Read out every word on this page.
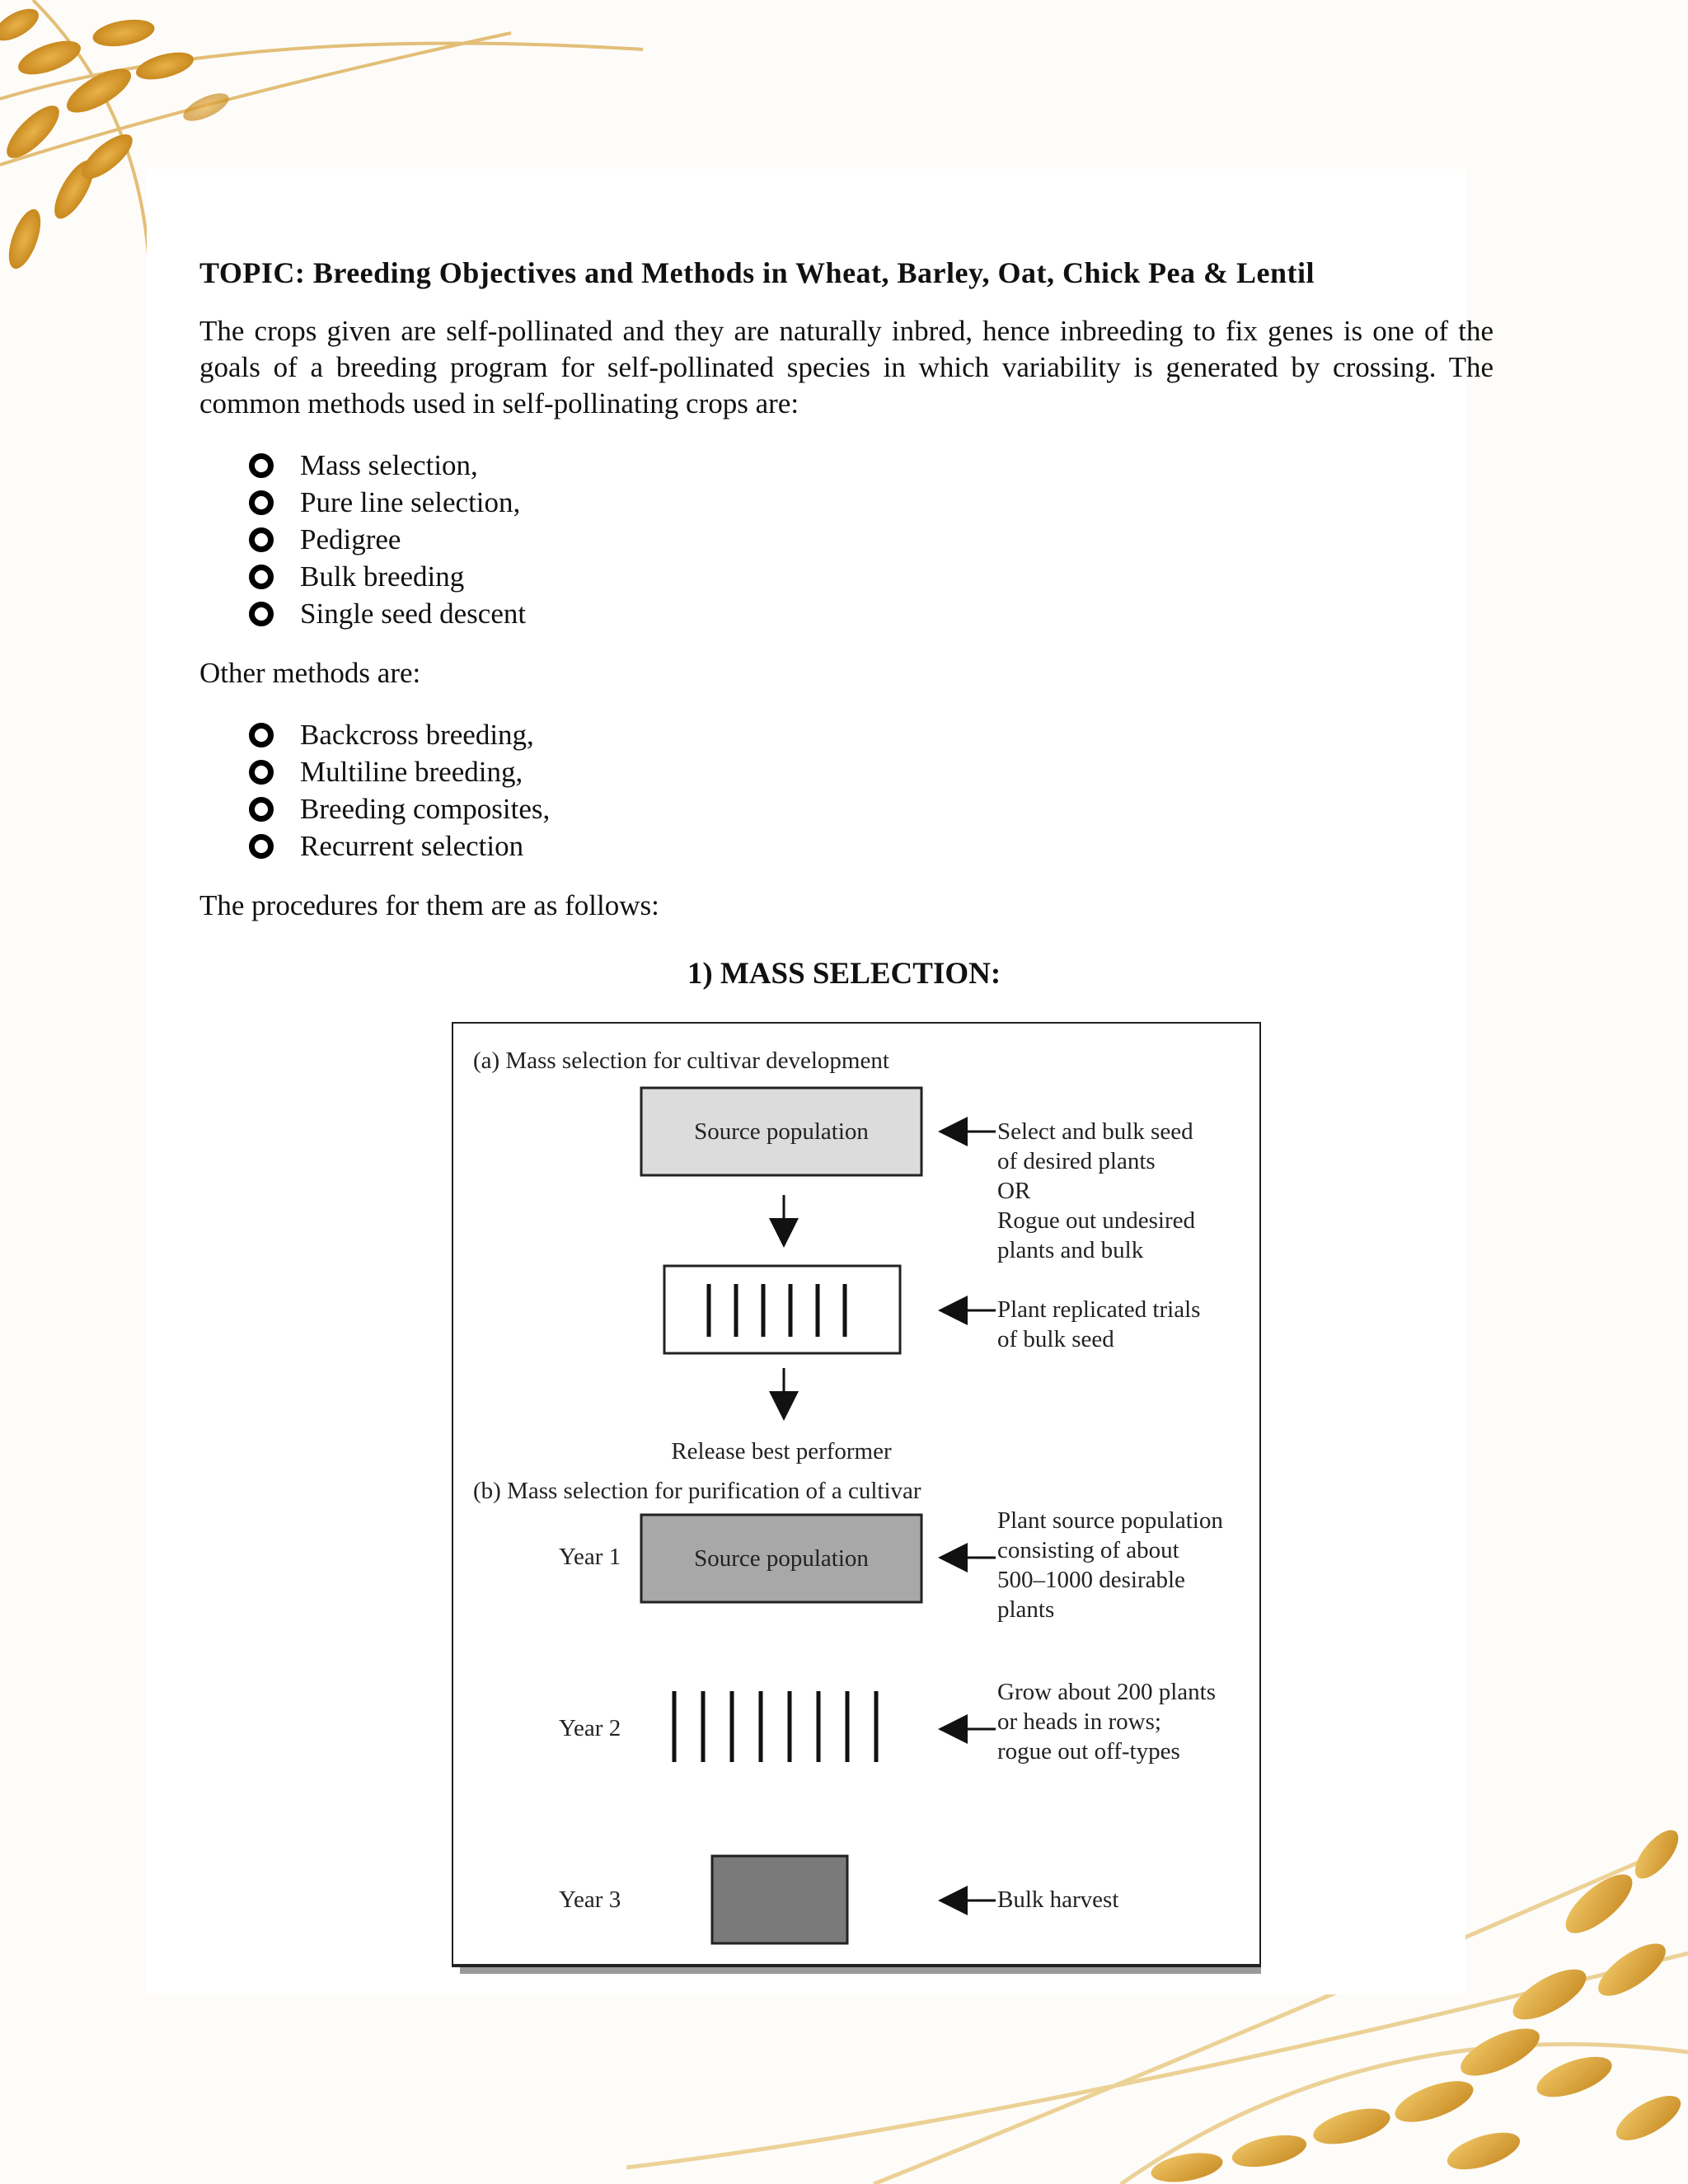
TOPIC: Breeding Objectives and Methods in Wheat, Barley, Oat, Chick Pea & Lentil

The crops given are self-pollinated and they are naturally inbred, hence inbreeding to fix genes is one of the goals of a breeding program for self-pollinated species in which variability is generated by crossing. The common methods used in self-pollinating crops are:

Mass selection,
Pure line selection,
Pedigree
Bulk breeding
Single seed descent

Other methods are:

Backcross breeding,
Multiline breeding,
Breeding composites,
Recurrent selection

The procedures for them are as follows:

1) MASS SELECTION:
(a) Mass selection for cultivar development
Source population	Select and bulk seed
of desired plants
OR
Rogue out undesired
plants and bulk
Plant replicated trials
of bulk seed
Release best performer
(b) Mass selection for purification of a cultivar
Year 1	Source population
Plant source population
consisting of about
500–1000 desirable
plants
Year 2
Grow about 200 plants
or heads in rows;
rogue out off-types
Year 3	Bulk harvest
